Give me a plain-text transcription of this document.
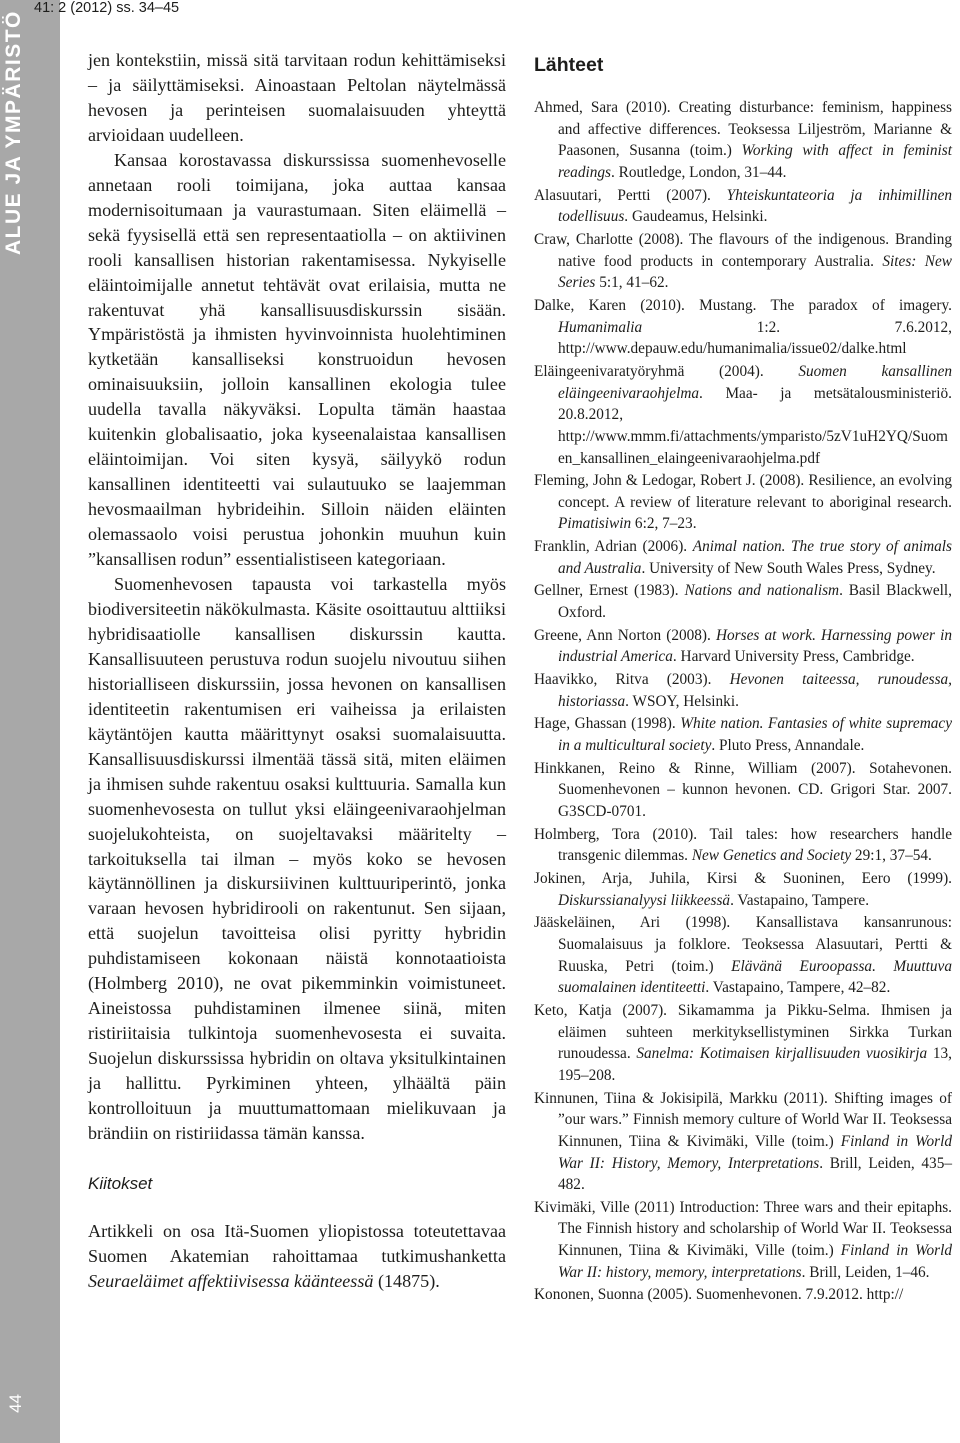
ALUE JA YMPÄRISTÖ
44
41: 2 (2012) ss. 34–45

jen kontekstiin, missä sitä tarvitaan rodun kehittämiseksi – ja säilyttämiseksi. Ainoastaan Peltolan näytelmässä hevosen ja perinteisen suomalaisuuden yhteyttä arvioidaan uudelleen.

Kansaa korostavassa diskurssissa suomenhevoselle annetaan rooli toimijana, joka auttaa kansaa modernisoitumaan ja vaurastumaan. Siten eläimellä – sekä fyysisellä että sen representaatiolla – on aktiivinen rooli kansallisen historian rakentamisessa. Nykyiselle eläintoimijalle annetut tehtävät ovat erilaisia, mutta ne rakentuvat yhä kansallisuusdiskurssin sisään. Ympäristöstä ja ihmisten hyvinvoinnista huolehtiminen kytketään kansalliseksi konstruoidun hevosen ominaisuuksiin, jolloin kansallinen ekologia tulee uudella tavalla näkyväksi. Lopulta tämän haastaa kuitenkin globalisaatio, joka kyseenalaistaa kansallisen eläintoimijan. Voi siten kysyä, säilyykö rodun kansallinen identiteetti vai sulautuuko se laajemman hevosmaailman hybrideihin. Silloin näiden eläinten olemassaolo voisi perustua johonkin muuhun kuin ”kansallisen rodun” essentialistiseen kategoriaan.

Suomenhevosen tapausta voi tarkastella myös biodiversiteetin näkökulmasta. Käsite osoittautuu alttiiksi hybridisaatiolle kansallisen diskurssin kautta. Kansallisuuteen perustuva rodun suojelu nivoutuu siihen historialliseen diskurssiin, jossa hevonen on kansallisen identiteetin rakentumisen eri vaiheissa ja erilaisten käytäntöjen kautta määrittynyt osaksi suomalaisuutta. Kansallisuusdiskurssi ilmentää tässä sitä, miten eläimen ja ihmisen suhde rakentuu osaksi kulttuuria. Samalla kun suomenhevosesta on tullut yksi eläingeenivaraohjelman suojelukohteista, on suojeltavaksi määritelty – tarkoituksella tai ilman – myös koko se hevosen käytännöllinen ja diskursiivinen kulttuuriperintö, jonka varaan hevosen hybridirooli on rakentunut. Sen sijaan, että suojelun tavoitteisa olisi pyritty hybridin puhdistamiseen kokonaan näistä konnotaatioista (Holmberg 2010), ne ovat pikemminkin voimistuneet. Aineistossa puhdistaminen ilmenee siinä, miten ristiriitaisia tulkintoja suomenhevosesta ei suvaita. Suojelun diskurssissa hybridin on oltava yksitulkintainen ja hallittu. Pyrkiminen yhteen, ylhäältä päin kontrolloituun ja muuttumattomaan mielikuvaan ja brändiin on ristiriidassa tämän kanssa.

Kiitokset

Artikkeli on osa Itä-Suomen yliopistossa toteutettavaa Suomen Akatemian rahoittamaa tutkimushanketta Seuraeläimet affektiivisessa käänteessä (14875).

Lähteet
Ahmed, Sara (2010). Creating disturbance: feminism, happiness and affective differences. Teoksessa Liljeström, Marianne & Paasonen, Susanna (toim.) Working with affect in feminist readings. Routledge, London, 31–44.
Alasuutari, Pertti (2007). Yhteiskuntateoria ja inhimillinen todellisuus. Gaudeamus, Helsinki.
Craw, Charlotte (2008). The flavours of the indigenous. Branding native food products in contemporary Australia. Sites: New Series 5:1, 41–62.
Dalke, Karen (2010). Mustang. The paradox of imagery. Humanimalia 1:2. 7.6.2012, http://www.depauw.edu/humanimalia/issue02/dalke.html
Eläingeenivaratyöryhmä (2004). Suomen kansallinen eläingeenivaraohjelma. Maa- ja metsätalousministeriö. 20.8.2012, http://www.mmm.fi/attachments/ymparisto/5zV1uH2YQ/Suomen_kansallinen_elaingeenivaraohjelma.pdf
Fleming, John & Ledogar, Robert J. (2008). Resilience, an evolving concept. A review of literature relevant to aboriginal research. Pimatisiwin 6:2, 7–23.
Franklin, Adrian (2006). Animal nation. The true story of animals and Australia. University of New South Wales Press, Sydney.
Gellner, Ernest (1983). Nations and nationalism. Basil Blackwell, Oxford.
Greene, Ann Norton (2008). Horses at work. Harnessing power in industrial America. Harvard University Press, Cambridge.
Haavikko, Ritva (2003). Hevonen taiteessa, runoudessa, historiassa. WSOY, Helsinki.
Hage, Ghassan (1998). White nation. Fantasies of white supremacy in a multicultural society. Pluto Press, Annandale.
Hinkkanen, Reino & Rinne, William (2007). Sotahevonen. Suomenhevonen – kunnon hevonen. CD. Grigori Star. 2007. G3SCD-0701.
Holmberg, Tora (2010). Tail tales: how researchers handle transgenic dilemmas. New Genetics and Society 29:1, 37–54.
Jokinen, Arja, Juhila, Kirsi & Suoninen, Eero (1999). Diskurssianalyysi liikkeessä. Vastapaino, Tampere.
Jääskeläinen, Ari (1998). Kansallistava kansanrunous: Suomalaisuus ja folklore. Teoksessa Alasuutari, Pertti & Ruuska, Petri (toim.) Elävänä Euroopassa. Muuttuva suomalainen identiteetti. Vastapaino, Tampere, 42–82.
Keto, Katja (2007). Sikamamma ja Pikku-Selma. Ihmisen ja eläimen suhteen merkityksellistyminen Sirkka Turkan runoudessa. Sanelma: Kotimaisen kirjallisuuden vuosikirja 13, 195–208.
Kinnunen, Tiina & Jokisipilä, Markku (2011). Shifting images of ”our wars.” Finnish memory culture of World War II. Teoksessa Kinnunen, Tiina & Kivimäki, Ville (toim.) Finland in World War II: History, Memory, Interpretations. Brill, Leiden, 435–482.
Kivimäki, Ville (2011) Introduction: Three wars and their epitaphs. The Finnish history and scholarship of World War II. Teoksessa Kinnunen, Tiina & Kivimäki, Ville (toim.) Finland in World War II: history, memory, interpretations. Brill, Leiden, 1–46.
Kononen, Suonna (2005). Suomenhevonen. 7.9.2012. http://
